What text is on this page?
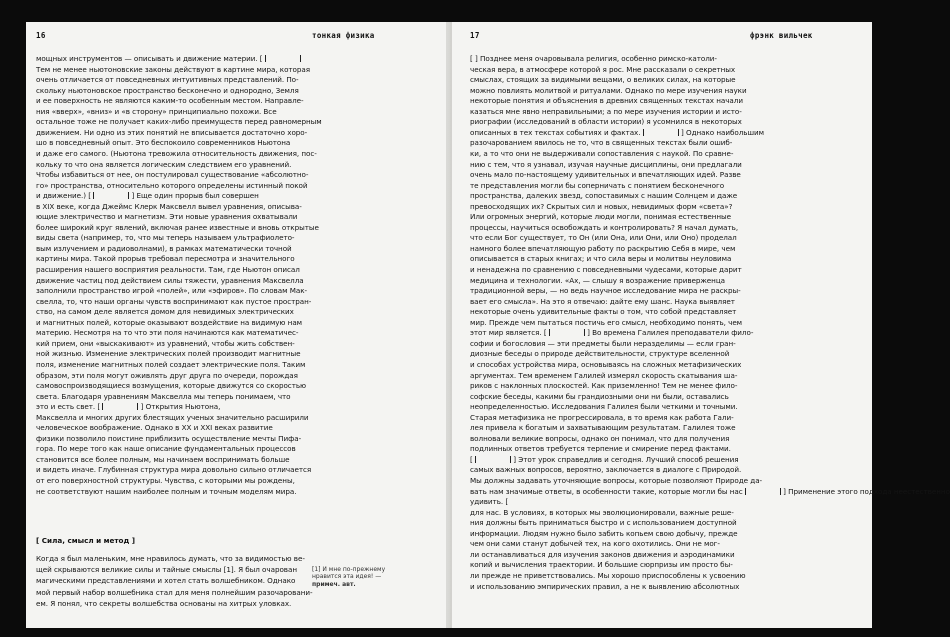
16	тонкая физика
мощных инструментов — описывать и движение материи. [
Тем не менее ньютоновские законы действуют в картине мира, которая
очень отличается от повседневных интуитивных представлений. По-
скольку ньютоновское пространство бесконечно и однородно, Земля
и ее поверхность не являются каким-то особенным местом. Направле-
ния «вверх», «вниз» и «в сторону» принципиально похожи. Все
остальное тоже не получает каких-либо преимуществ перед равномерным
движением. Ни одно из этих понятий не вписывается достаточно хоро-
шо в повседневный опыт. Это беспокоило современников Ньютона
и даже его самого. (Ньютона тревожила относительность движения, пос-
кольку то что она является логическим следствием его уравнений.
Чтобы избавиться от нее, он постулировал существование «абсолютно-
го» пространства, относительно которого определены истинный покой
и движение.) [	] Еще один прорыв был совершен
в XIX веке, когда Джеймс Клерк Максвелл вывел уравнения, описыва-
ющие электричество и магнетизм. Эти новые уравнения охватывали
более широкий круг явлений, включая ранее известные и вновь открытые
виды света (например, то, что мы теперь называем ультрафиолето-
вым излучением и радиоволнами), в рамках математически точной
картины мира. Такой прорыв требовал пересмотра и значительного
расширения нашего восприятия реальности. Там, где Ньютон описал
движение частиц под действием силы тяжести, уравнения Максвелла
заполнили пространство игрой «полей», или «эфиров». По словам Мак-
свелла, то, что наши органы чувств воспринимают как пустое простран-
ство, на самом деле является домом для невидимых электрических
и магнитных полей, которые оказывают воздействие на видимую нам
материю. Несмотря на то что эти поля начинаются как математичес-
кий прием, они «выскакивают» из уравнений, чтобы жить собствен-
ной жизнью. Изменение электрических полей производит магнитные
поля, изменение магнитных полей создает электрические поля. Таким
образом, эти поля могут оживлять друг друга по очереди, порождая
самовоспроизводящиеся возмущения, которые движутся со скоростью
света. Благодаря уравнениям Максвелла мы теперь понимаем, что
это и есть свет. [	] Открытия Ньютона,
Максвелла и многих других блестящих ученых значительно расширили
человеческое воображение. Однако в XX и XXI веках развитие
физики позволило поистине приблизить осуществление мечты Пифа-
гора. По мере того как наше описание фундаментальных процессов
становится все более полным, мы начинаем воспринимать больше
и видеть иначе. Глубинная структура мира довольно сильно отличается
от его поверхностной структуры. Чувства, с которыми мы рождены,
не соответствуют нашим наиболее полным и точным моделям мира.
[ Сила, смысл и метод ]
Когда я был маленьким, мне нравилось думать, что за видимостью ве-
щей скрываются великие силы и тайные смыслы [1]. Я был очарован
магическими представлениями и хотел стать волшебником. Однако
мой первый набор волшебника стал для меня полнейшим разочаровани-
ем. Я понял, что секреты волшебства основаны на хитрых уловках.
[1] И мне по-прежнему
нравится эта идея! —
примеч. авт.
17	фрэнк вильчек
[ ] Позднее меня очаровывала религия, особенно римско-католи-
ческая вера, в атмосфере которой я рос. Мне рассказали о секретных
смыслах, стоящих за видимыми вещами, о великих силах, на которые
можно повлиять молитвой и ритуалами. Однако по мере изучения науки
некоторые понятия и объяснения в древних священных текстах начали
казаться мне явно неправильными; а по мере изучения истории и исто-
риографии (исследований в области истории) я усомнился в некоторых
описанных в тех текстах событиях и фактах.	] Однако наибольшим
разочарованием явилось не то, что в священных текстах были ошиб-
ки, а то что они не выдерживали сопоставления с наукой. По сравне-
нию с тем, что я узнавал, изучая научные дисциплины, они предлагали
очень мало по-настоящему удивительных и впечатляющих идей. Разве
те представления могли бы соперничать с понятием бесконечного
пространства, далеких звезд, сопоставимых с нашим Солнцем и даже
превосходящих их? Скрытых сил и новых, невидимых форм «света»?
Или огромных энергий, которые люди могли, понимая естественные
процессы, научиться освобождать и контролировать? Я начал думать,
что если Бог существует, то Он (или Она, или Они, или Оно) проделал
намного более впечатляющую работу по раскрытию Себя в мире, чем
описывается в старых книгах; и что сила веры и молитвы неуловима
и ненадежна по сравнению с повседневными чудесами, которые дарит
медицина и технологии. «Ах, — слышу я возражение приверженца
традиционной веры, — но ведь научное исследование мира не раскры-
вает его смысла». На это я отвечаю: дайте ему шанс. Наука выявляет
некоторые очень удивительные факты о том, что собой представляет
мир. Прежде чем пытаться постичь его смысл, необходимо понять, чем
этот мир является. [	] Во времена Галилея преподаватели фило-
софии и богословия — эти предметы были неразделимы — если гран-
диозные беседы о природе действительности, структуре вселенной
и способах устройства мира, основываясь на сложных метафизических
аргументах. Тем временем Галилей измерял скорость скатывания ша-
риков с наклонных плоскостей. Как приземленно! Тем не менее фило-
софские беседы, какими бы грандиозными они ни были, оставались
неопределенностью. Исследования Галилея были четкими и точными.
Старая метафизика не прогрессировала, в то время как работа Гали-
лея привела к богатым и захватывающим результатам. Галилея тоже
волновали великие вопросы, однако он понимал, что для получения
подлинных ответов требуется терпение и смирение перед фактами.
[	] Этот урок справедлив и сегодня. Лучший способ решения
самых важных вопросов, вероятно, заключается в диалоге с Природой.
Мы должны задавать уточняющие вопросы, которые позволяют Природе да-
вать нам значимые ответы, в особенности такие, которые могли бы нас	] Применение этого подхода неестественно
удивить. [
для нас. В условиях, в которых мы эволюционировали, важные реше-
ния должны быть приниматься быстро и с использованием доступной
информации. Людям нужно было забить копьем свою добычу, прежде
чем они сами станут добычей тех, на кого охотились. Они не мог-
ли останавливаться для изучения законов движения и аэродинамики
копий и вычисления траектории. И большие сюрпризы им просто бы-
ли прежде не приветствовались. Мы хорошо приспособлены к усвоению
и использованию эмпирических правил, а не к выявлению абсолютных
